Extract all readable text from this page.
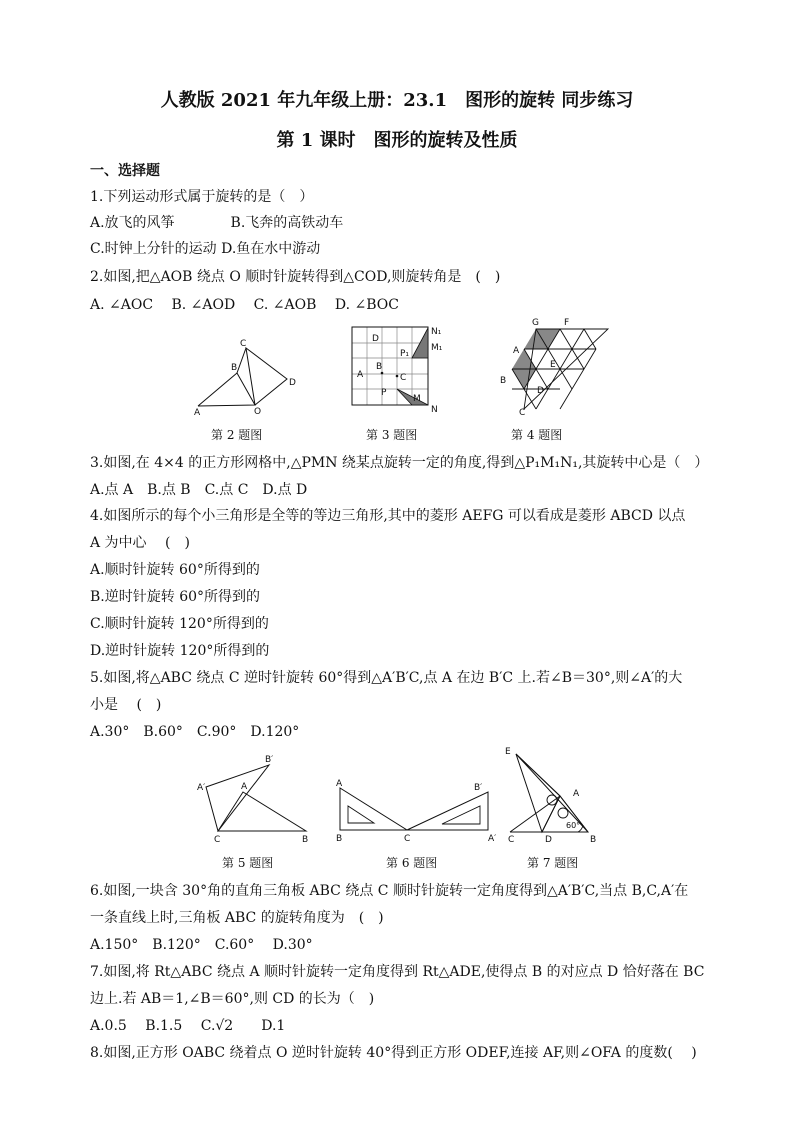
人教版 2021 年九年级上册：23.1　图形的旋转 同步练习
第 1 课时　图形的旋转及性质
一、选择题
1.下列运动形式属于旋转的是（　）
A.放飞的风筝　　　　B.飞奔的高铁动车
C.时钟上分针的运动 D.鱼在水中游动
2.如图,把△AOB 绕点 O 顺时针旋转得到△COD,则旋转角是　(　)
A. ∠AOC　 B. ∠AOD　 C. ∠AOB　 D. ∠BOC
A
B
C
D
O
第 2 题图
D
A
B
C
P₁
N₁
M₁
P
M
N
第 3 题图
G	F
A
E
B
D
C
第 4 题图
3.如图,在 4×4 的正方形网格中,△PMN 绕某点旋转一定的角度,得到△P₁M₁N₁,其旋转中心是（　）
A.点 A　B.点 B　C.点 C　D.点 D
4.如图所示的每个小三角形是全等的等边三角形,其中的菱形 AEFG 可以看成是菱形 ABCD 以点
A 为中心　 (　)
A.顺时针旋转 60°所得到的
B.逆时针旋转 60°所得到的
C.顺时针旋转 120°所得到的
D.逆时针旋转 120°所得到的
5.如图,将△ABC 绕点 C 逆时针旋转 60°得到△A′B′C,点 A 在边 B′C 上.若∠B＝30°,则∠A′的大
小是　 (　)
A.30°　B.60°　C.90°　D.120°
A′
B′
A
C	B
第 5 题图
A
B	C
B′
A′
第 6 题图
E
A
C	D	B
60°
第 7 题图
6.如图,一块含 30°角的直角三角板 ABC 绕点 C 顺时针旋转一定角度得到△A′B′C,当点 B,C,A′在
一条直线上时,三角板 ABC 的旋转角度为　(　)
A.150°　B.120°　C.60°　 D.30°
7.如图,将 Rt△ABC 绕点 A 顺时针旋转一定角度得到 Rt△ADE,使得点 B 的对应点 D 恰好落在 BC
边上.若 AB＝1,∠B＝60°,则 CD 的长为（　)
A.0.5　 B.1.5　 C.√2　　D.1
8.如图,正方形 OABC 绕着点 O 逆时针旋转 40°得到正方形 ODEF,连接 AF,则∠OFA 的度数(　 )
